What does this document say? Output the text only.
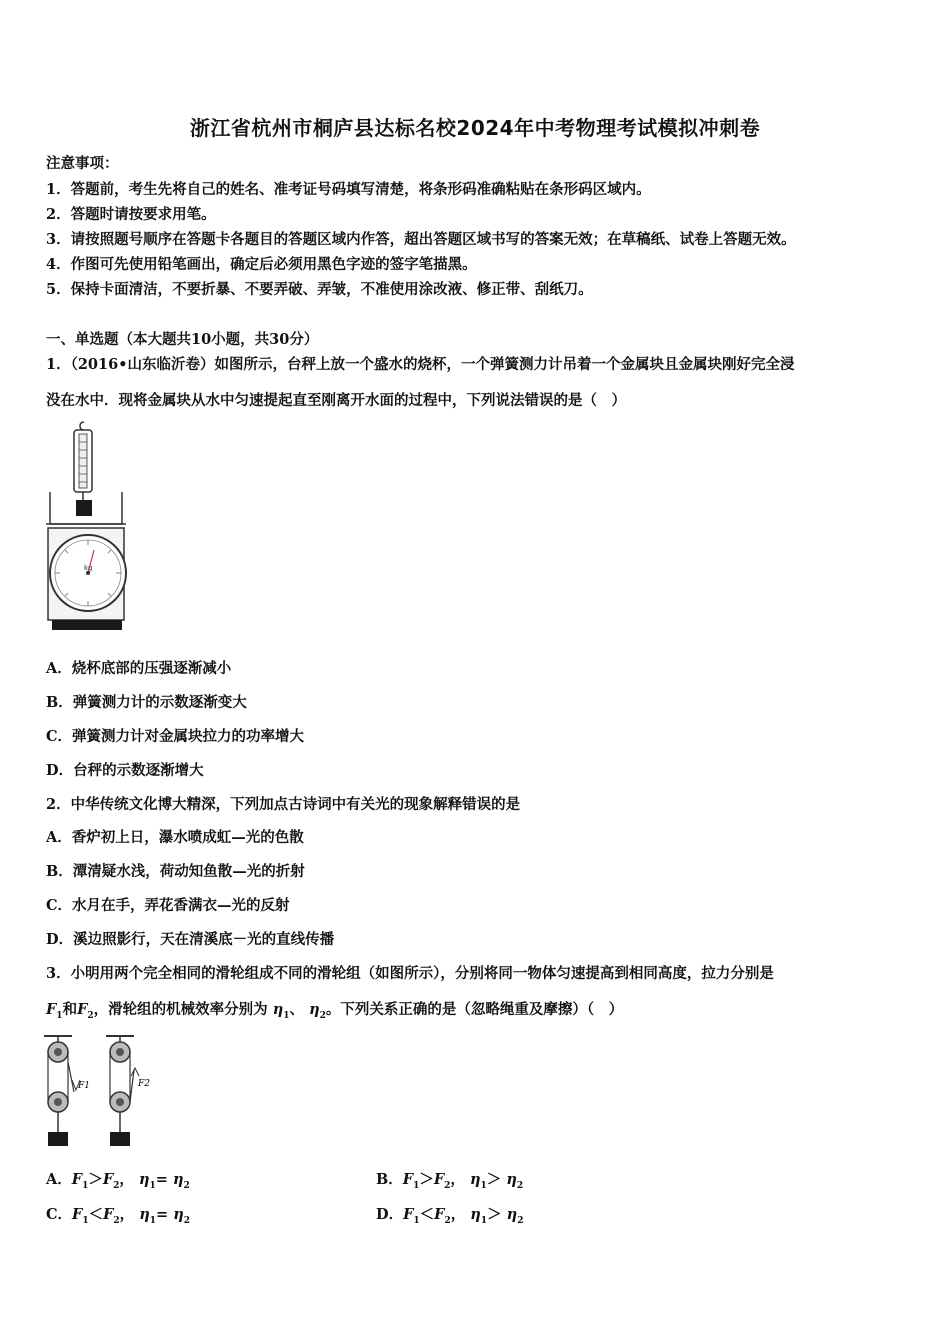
浙江省杭州市桐庐县达标名校2024年中考物理考试模拟冲刺卷
注意事项：
1．答题前，考生先将自己的姓名、准考证号码填写清楚，将条形码准确粘贴在条形码区域内。
2．答题时请按要求用笔。
3．请按照题号顺序在答题卡各题目的答题区域内作答，超出答题区域书写的答案无效；在草稿纸、试卷上答题无效。
4．作图可先使用铅笔画出，确定后必须用黑色字迹的签字笔描黑。
5．保持卡面清洁，不要折暴、不要弄破、弄皱，不准使用涂改液、修正带、刮纸刀。
一、单选题（本大题共10小题，共30分）
1．（2016•山东临沂卷）如图所示，台秤上放一个盛水的烧杯，一个弹簧测力计吊着一个金属块且金属块刚好完全浸
没在水中．现将金属块从水中匀速提起直至刚离开水面的过程中，下列说法错误的是（　）
kg
A．烧杯底部的压强逐渐减小
B．弹簧测力计的示数逐渐变大
C．弹簧测力计对金属块拉力的功率增大
D．台秤的示数逐渐增大
2．中华传统文化博大精深，下列加点古诗词中有关光的现象解释错误的是
A．香炉初上日，瀑水喷成虹—光的色散
B．潭清疑水浅，荷动知鱼散—光的折射
C．水月在手，弄花香满衣—光的反射
D．溪边照影行，天在清溪底－光的直线传播
3．小明用两个完全相同的滑轮组成不同的滑轮组（如图所示），分别将同一物体匀速提高到相同高度，拉力分别是
$F_1$和$F_2$，滑轮组的机械效率分别为 $\eta_1$、 $\eta_2$。下列关系正确的是（忽略绳重及摩擦）（　）
F1	F2
A．$F_1>F_2$， $\eta_1= \eta_2$	B．$F_1>F_2$， $\eta_1> \eta_2$
C．$F_1<F_2$， $\eta_1= \eta_2$	D．$F_1<F_2$， $\eta_1> \eta_2$
